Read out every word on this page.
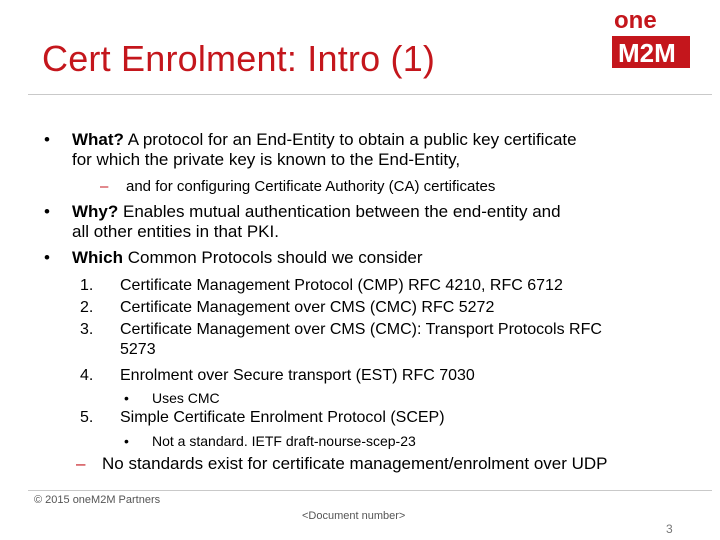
Cert Enrolment: Intro (1)
one
M2M
• What? A protocol for an End-Entity to obtain a public key certificate
for which the private key is known to the End-Entity,
– and for configuring Certificate Authority (CA) certificates
• Why? Enables mutual authentication between the end-entity and
all other entities in that PKI.
• Which Common Protocols should we consider
1. Certificate Management Protocol (CMP) RFC 4210, RFC 6712
2. Certificate Management over CMS (CMC) RFC 5272
3. Certificate Management over CMS (CMC): Transport Protocols RFC
5273
4. Enrolment over Secure transport (EST) RFC 7030
• Uses CMC
5. Simple Certificate Enrolment Protocol (SCEP)
• Not a standard. IETF draft-nourse-scep-23
– No standards exist for certificate management/enrolment over UDP
© 2015 oneM2M Partners
<Document number>
3
